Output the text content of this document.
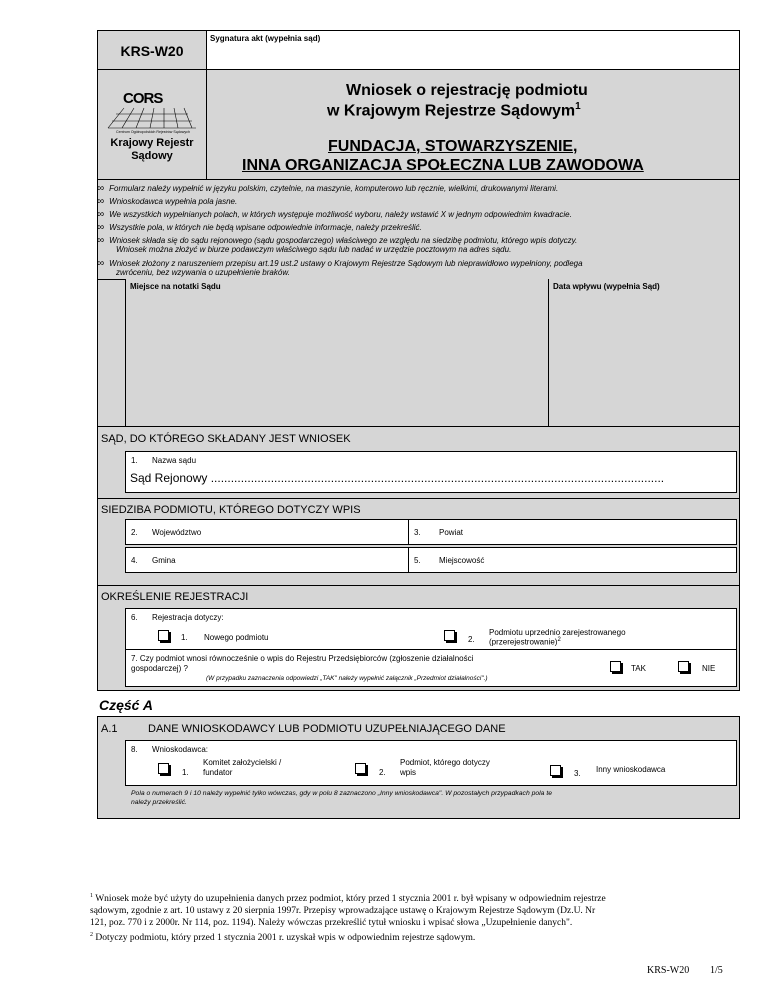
KRS-W20
Sygnatura akt (wypełnia sąd)
CORS
Centrum Ogólnopolskich Rejestrów Sądowych
Krajowy Rejestr
Sądowy
Wniosek o rejestrację podmiotu
w Krajowym Rejestrze Sądowym$^1$
FUNDACJA, STOWARZYSZENIE,
INNA ORGANIZACJA SPOŁECZNA LUB ZAWODOWA
∞ Formularz należy wypełnić w języku polskim, czytelnie, na maszynie, komputerowo lub ręcznie, wielkimi, drukowanymi literami.
∞ Wnioskodawca wypełnia pola jasne.
∞ We wszystkich wypełnianych polach, w których występuje możliwość wyboru, należy wstawić X w jednym odpowiednim kwadracie.
∞ Wszystkie pola, w których nie będą wpisane odpowiednie informacje, należy przekreślić.
∞ Wniosek składa się do sądu rejonowego (sądu gospodarczego) właściwego ze względu na siedzibę podmiotu, którego wpis dotyczy.
Wniosek można złożyć w biurze podawczym właściwego sądu lub nadać w urzędzie pocztowym na adres sądu.
∞ Wniosek złożony z naruszeniem przepisu art.19 ust.2 ustawy o Krajowym Rejestrze Sądowym lub nieprawidłowo wypełniony, podlega
zwróceniu, bez wzywania o uzupełnienie braków.
Miejsce na notatki Sądu	Data wpływu (wypełnia Sąd)
SĄD, DO KTÓREGO SKŁADANY JEST WNIOSEK
1. Nazwa sądu
Sąd Rejonowy ........................................................................................................................................
SIEDZIBA PODMIOTU, KTÓREGO DOTYCZY WPIS
2. Województwo	3. Powiat
4. Gmina	5. Miejscowość
OKREŚLENIE REJESTRACJI
6. Rejestracja dotyczy:
1. Nowego podmiotu	2.
Podmiotu uprzednio zarejestrowanego
(przerejestrowanie)$^2$
7. Czy podmiot wnosi równocześnie o wpis do Rejestru Przedsiębiorców (zgłoszenie działalności
gospodarczej) ?
(W przypadku zaznaczenia odpowiedzi „TAK" należy wypełnić załącznik „Przedmiot działalności".)
TAK	NIE
Część A
A.1	DANE WNIOSKODAWCY LUB PODMIOTU UZUPEŁNIAJĄCEGO DANE
8. Wnioskodawca:
1.
Komitet założycielski /
fundator	2.
Podmiot, którego dotyczy
wpis	3. Inny wnioskodawca
Pola o numerach 9 i 10 należy wypełnić tylko wówczas, gdy w polu 8 zaznaczono „Inny wnioskodawca". W pozostałych przypadkach pola te
należy przekreślić.
$^1$ Wniosek może być użyty do uzupełnienia danych przez podmiot, który przed 1 stycznia 2001 r. był wpisany w odpowiednim rejestrze
sądowym, zgodnie z art. 10 ustawy z 20 sierpnia 1997r. Przepisy wprowadzające ustawę o Krajowym Rejestrze Sądowym (Dz.U. Nr
121, poz. 770 i z 2000r. Nr 114, poz. 1194). Należy wówczas przekreślić tytuł wniosku i wpisać słowa „Uzupełnienie danych".
$^2$ Dotyczy podmiotu, który przed 1 stycznia 2001 r. uzyskał wpis w odpowiednim rejestrze sądowym.
KRS-W20 1/5
